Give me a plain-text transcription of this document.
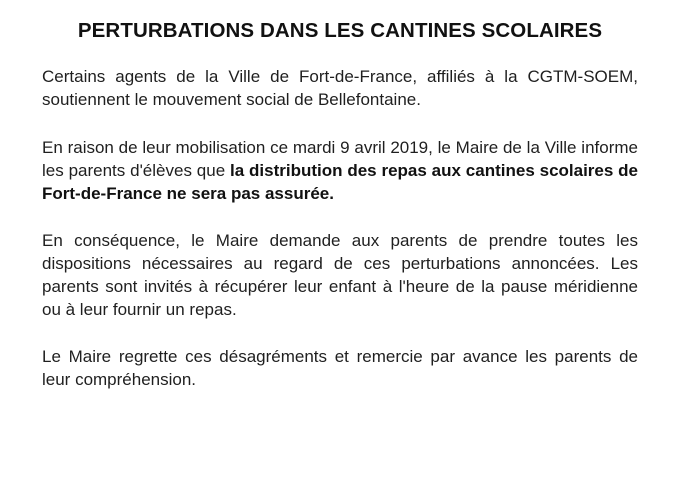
PERTURBATIONS DANS LES CANTINES SCOLAIRES

Certains agents de la Ville de Fort-de-France, affiliés à la CGTM-SOEM, soutiennent le mouvement social de Bellefontaine.

En raison de leur mobilisation ce mardi 9 avril 2019, le Maire de la Ville informe les parents d'élèves que la distribution des repas aux cantines scolaires de Fort-de-France ne sera pas assurée.

En conséquence, le Maire demande aux parents de prendre toutes les dispositions nécessaires au regard de ces perturbations annoncées. Les parents sont invités à récupérer leur enfant à l'heure de la pause méridienne ou à leur fournir un repas.

Le Maire regrette ces désagréments et remercie par avance les parents de leur compréhension.
